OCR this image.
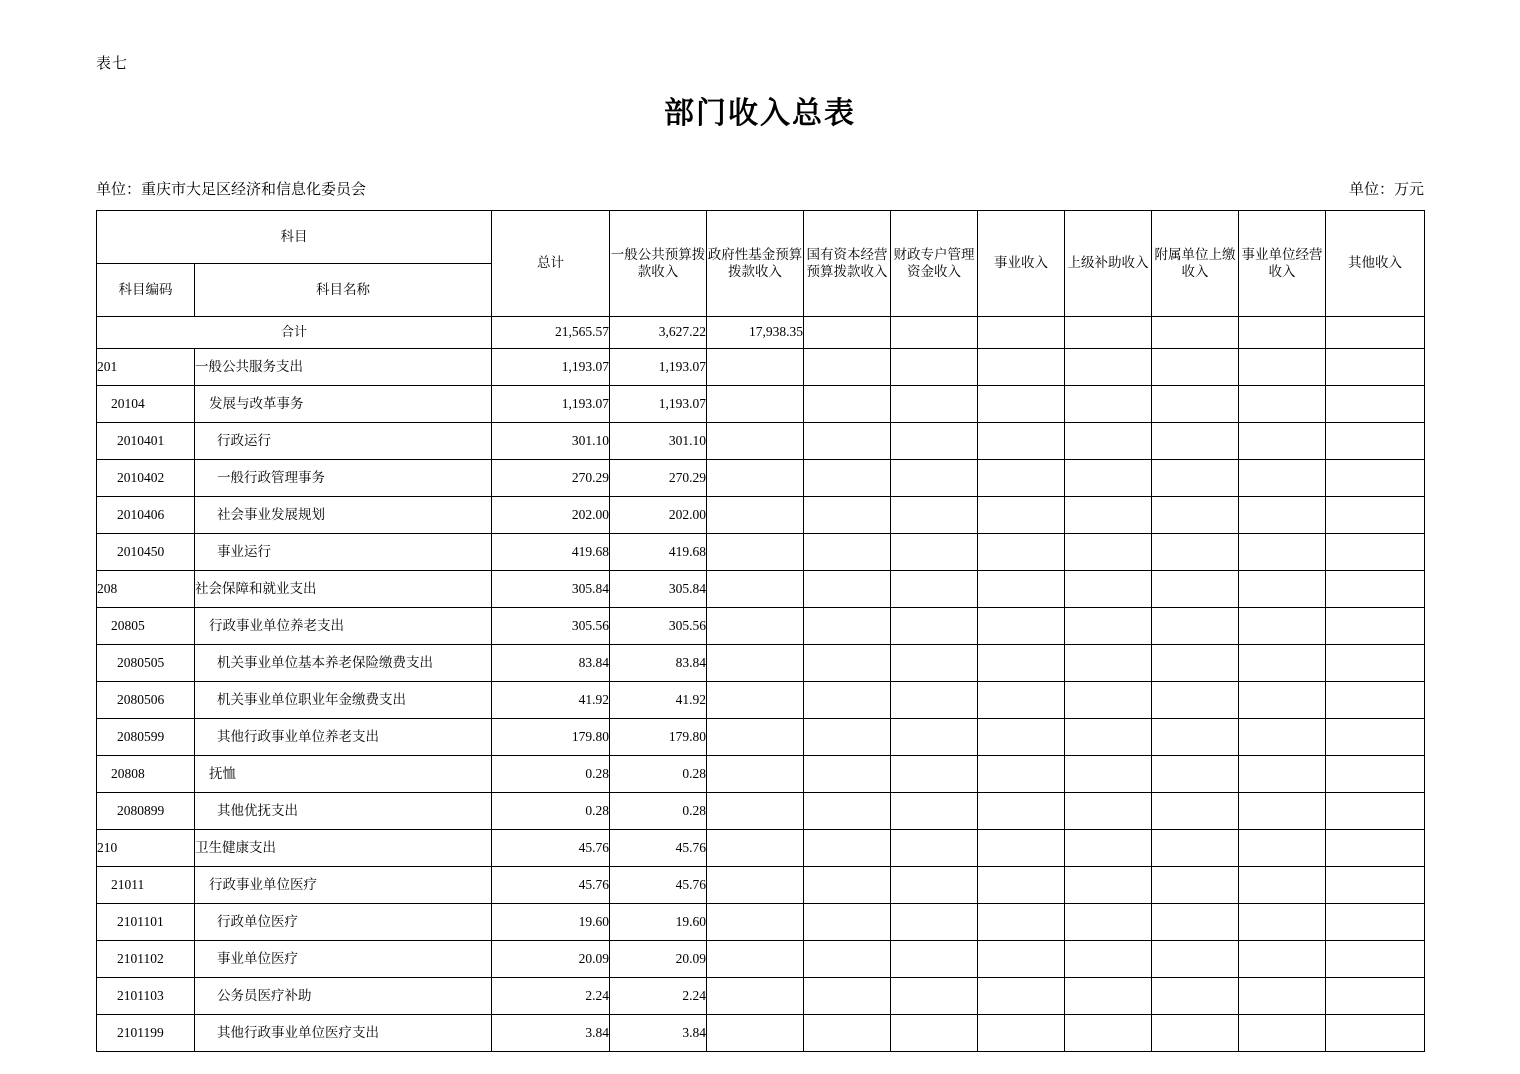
表七
部门收入总表
单位：重庆市大足区经济和信息化委员会	单位：万元
科目		总计	一般公共预算拨款收入	政府性基金预算拨款收入	国有资本经营预算拨款收入	财政专户管理资金收入	事业收入	上级补助收入	附属单位上缴收入	事业单位经营收入	其他收入
科目编码	科目名称										
合计		21,565.57	3,627.22	17,938.35							
201	一般公共服务支出	1,193.07	1,193.07								
20104	发展与改革事务	1,193.07	1,193.07								
2010401	行政运行	301.10	301.10								
2010402	一般行政管理事务	270.29	270.29								
2010406	社会事业发展规划	202.00	202.00								
2010450	事业运行	419.68	419.68								
208	社会保障和就业支出	305.84	305.84								
20805	行政事业单位养老支出	305.56	305.56								
2080505	机关事业单位基本养老保险缴费支出	83.84	83.84								
2080506	机关事业单位职业年金缴费支出	41.92	41.92								
2080599	其他行政事业单位养老支出	179.80	179.80								
20808	抚恤	0.28	0.28								
2080899	其他优抚支出	0.28	0.28								
210	卫生健康支出	45.76	45.76								
21011	行政事业单位医疗	45.76	45.76								
2101101	行政单位医疗	19.60	19.60								
2101102	事业单位医疗	20.09	20.09								
2101103	公务员医疗补助	2.24	2.24								
2101199	其他行政事业单位医疗支出	3.84	3.84								
